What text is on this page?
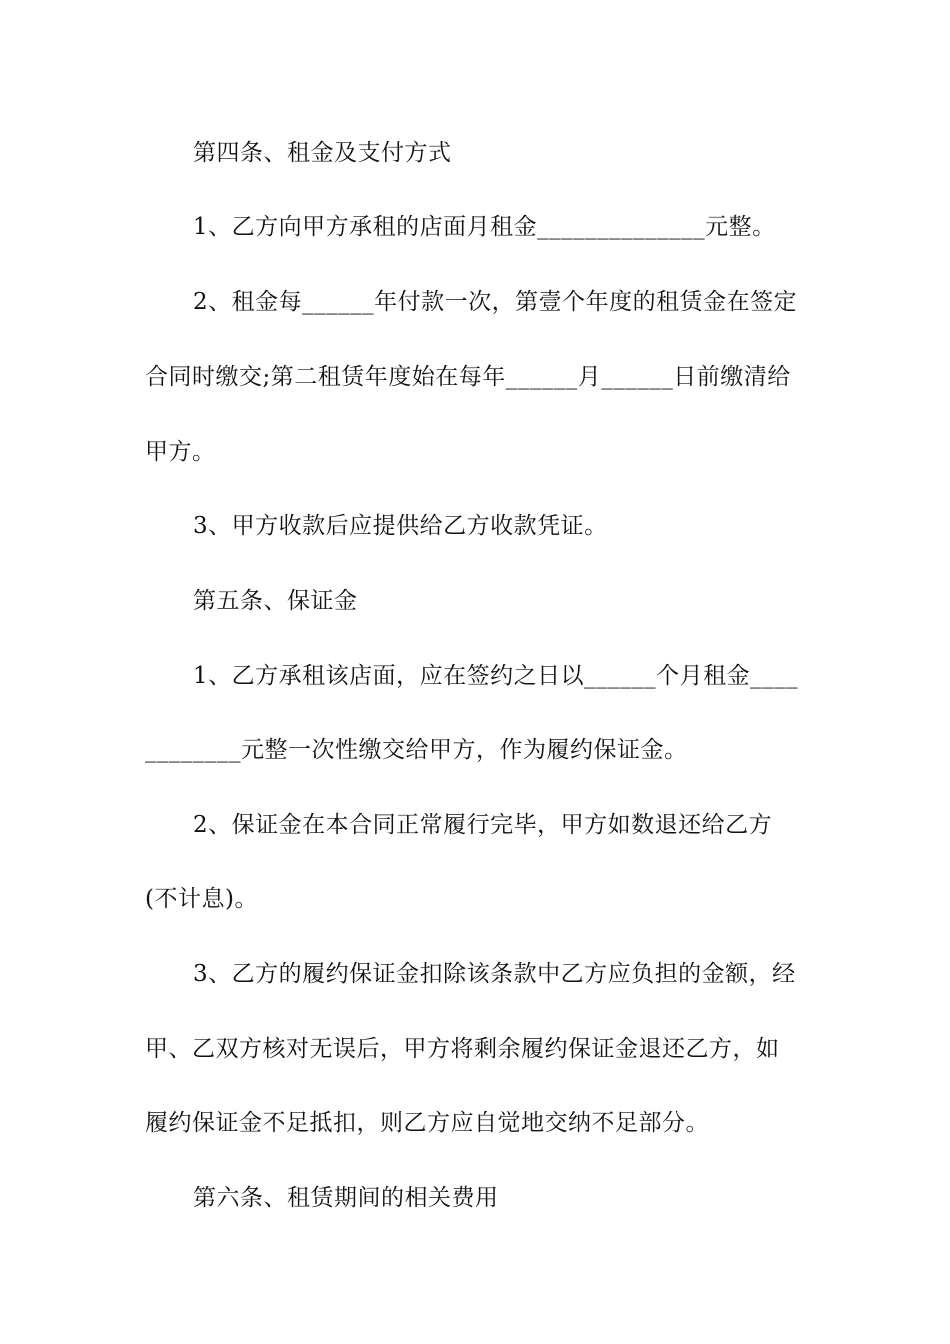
第四条、租金及支付方式
1、乙方向甲方承租的店面月租金______________元整。
2、租金每______年付款一次，第壹个年度的租赁金在签定
合同时缴交;第二租赁年度始在每年______月______日前缴清给
甲方。
3、甲方收款后应提供给乙方收款凭证。
第五条、保证金
1、乙方承租该店面，应在签约之日以______个月租金____
________元整一次性缴交给甲方，作为履约保证金。
2、保证金在本合同正常履行完毕，甲方如数退还给乙方
(不计息)。
3、乙方的履约保证金扣除该条款中乙方应负担的金额，经
甲、乙双方核对无误后，甲方将剩余履约保证金退还乙方，如
履约保证金不足抵扣，则乙方应自觉地交纳不足部分。
第六条、租赁期间的相关费用
